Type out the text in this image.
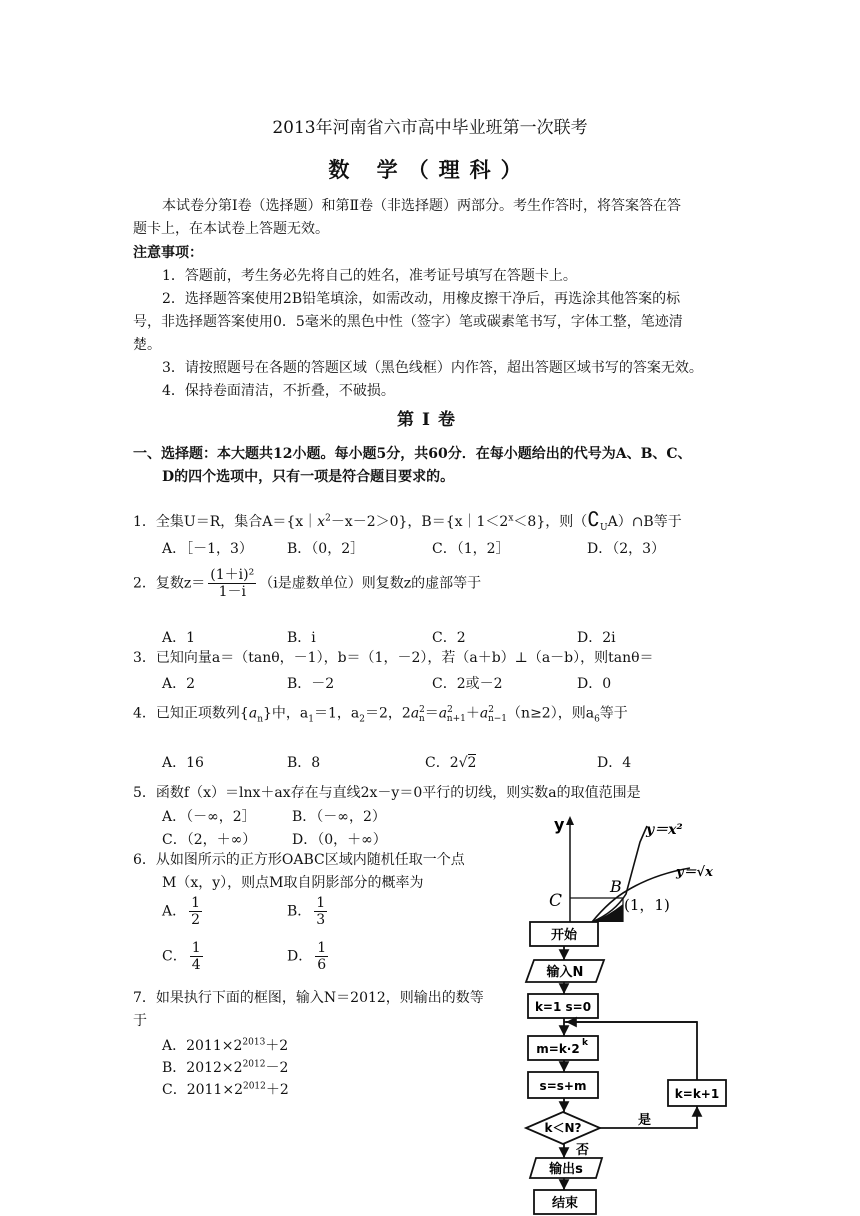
2013年河南省六市高中毕业班第一次联考
数 学（理科）
本试卷分第Ⅰ卷（选择题）和第Ⅱ卷（非选择题）两部分。考生作答时，将答案答在答
题卡上，在本试卷上答题无效。
注意事项：
1．答题前，考生务必先将自己的姓名，准考证号填写在答题卡上。
2．选择题答案使用2B铅笔填涂，如需改动，用橡皮擦干净后，再选涂其他答案的标
号，非选择题答案使用0．5毫米的黑色中性（签字）笔或碳素笔书写，字体工整，笔迹清
楚。
3．请按照题号在各题的答题区域（黑色线框）内作答，超出答题区域书写的答案无效。
4．保持卷面清洁，不折叠，不破损。
第Ⅰ卷
一、选择题：本大题共12小题。每小题5分，共60分．在每小题给出的代号为A、B、C、
D的四个选项中，只有一项是符合题目要求的。
1．全集U＝R，集合$A=\{x|x^2-x-2>0\}$，$B=\{x|1<2^x<8\}$，则$(∁_UA)\cap B$等于
A．［－1，3） B．（0，2］	C．（1，2］	D．（2，3）
2．复数$z= \frac{\text{(1＋i)²}}{1-i} (i$是虚数单位）则复数z的虚部等于
A．1	B．i	C．2	D．2i
3．已知向量a＝（tanθ，－1），b＝（1，－2），若（a＋b）⊥（a－b），则tanθ＝
A．2	B．－2	C．2或－2	D．0
4．已知正项数列$\{a_n\}$中，$a_1=1$，$a_2=2$，$2a^2_n=a^2_{n+1}+a^2_{n-1}(n\ge 2)$，则$a_6$等于
A．16	B．8	C．2√2	D．4
5．函数f（x）＝lnx＋ax存在与直线2x－y＝0平行的切线，则实数a的取值范围是
A．（－∞，2］	B．（－∞，2）
C．（2，＋∞）	D．（0，＋∞）
6．从如图所示的正方形OABC区域内随机任取一个点
M（x，y），则点M取自阴影部分的概率为
A． $\frac{1}{2}$	B． $\frac{1}{3}$
C． $\frac{1}{4}$	D． $\frac{1}{6}$
7．如果执行下面的框图，输入N＝2012，则输出的数等
于
A．$2011\times 2^{2013}+2$
B．$2012\times 2^{2012}-2$
C．$2011\times 2^{2012}+2$
y	y＝x²
y＝√x
C
B
(1，1)
开始
输入N
k=1 s=0
m=k·2 k
s=s+m
k＜N?	是
否
输出s
结束
k=k+1
